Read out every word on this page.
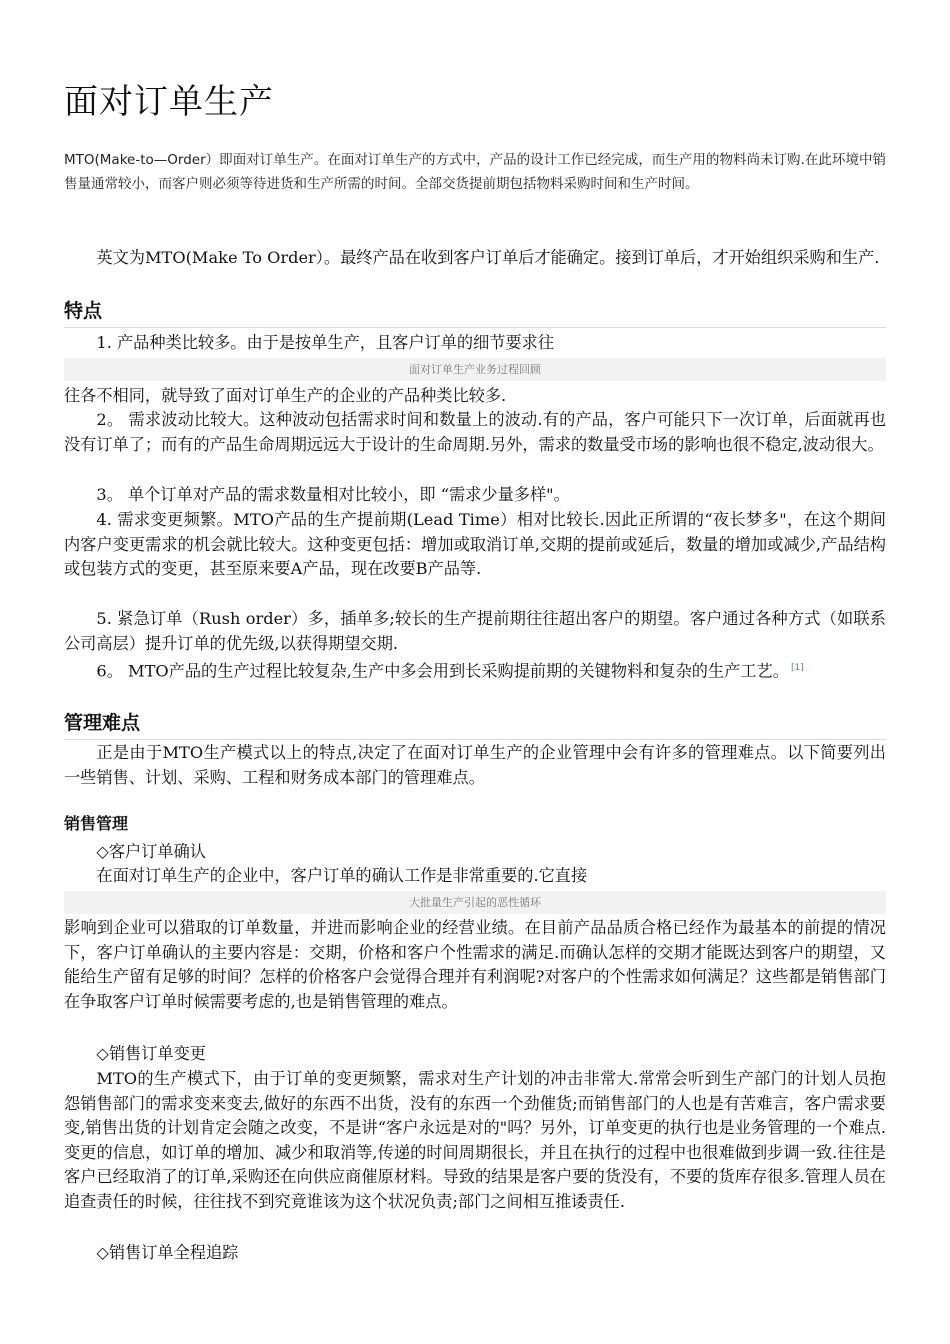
面对订单生产

MTO(Make-to—Order）即面对订单生产。在面对订单生产的方式中，产品的设计工作已经完成，而生产用的物料尚未订购.在此环境中销售量通常较小，而客户则必须等待进货和生产所需的时间。全部交货提前期包括物料采购时间和生产时间。

英文为MTO(Make To Order）。最终产品在收到客户订单后才能确定。接到订单后，才开始组织采购和生产.

特点

1. 产品种类比较多。由于是按单生产，且客户订单的细节要求往

面对订单生产业务过程回顾

往各不相同，就导致了面对订单生产的企业的产品种类比较多.

2。 需求波动比较大。这种波动包括需求时间和数量上的波动.有的产品，客户可能只下一次订单，后面就再也没有订单了；而有的产品生命周期远远大于设计的生命周期.另外，需求的数量受市场的影响也很不稳定,波动很大。

3。 单个订单对产品的需求数量相对比较小，即 “需求少量多样"。

4. 需求变更频繁。MTO产品的生产提前期(Lead Time）相对比较长.因此正所谓的“夜长梦多"，在这个期间内客户变更需求的机会就比较大。这种变更包括：增加或取消订单,交期的提前或延后，数量的增加或减少,产品结构或包装方式的变更，甚至原来要A产品，现在改要B产品等.

5. 紧急订单（Rush order）多，插单多;较长的生产提前期往往超出客户的期望。客户通过各种方式（如联系公司高层）提升订单的优先级,以获得期望交期.

6。 MTO产品的生产过程比较复杂,生产中多会用到长采购提前期的关键物料和复杂的生产工艺。 [1]

管理难点

正是由于MTO生产模式以上的特点,决定了在面对订单生产的企业管理中会有许多的管理难点。以下简要列出一些销售、计划、采购、工程和财务成本部门的管理难点。

销售管理

◇客户订单确认

在面对订单生产的企业中，客户订单的确认工作是非常重要的.它直接

大批量生产引起的恶性循环

影响到企业可以猎取的订单数量，并进而影响企业的经营业绩。在目前产品品质合格已经作为最基本的前提的情况下，客户订单确认的主要内容是：交期，价格和客户个性需求的满足.而确认怎样的交期才能既达到客户的期望，又能给生产留有足够的时间？怎样的价格客户会觉得合理并有利润呢?对客户的个性需求如何满足？这些都是销售部门在争取客户订单时候需要考虑的,也是销售管理的难点。

◇销售订单变更

MTO的生产模式下，由于订单的变更频繁，需求对生产计划的冲击非常大.常常会听到生产部门的计划人员抱怨销售部门的需求变来变去,做好的东西不出货，没有的东西一个劲催货;而销售部门的人也是有苦难言，客户需求要变,销售出货的计划肯定会随之改变，不是讲“客户永远是对的"吗？另外，订单变更的执行也是业务管理的一个难点.变更的信息，如订单的增加、减少和取消等,传递的时间周期很长，并且在执行的过程中也很难做到步调一致.往往是客户已经取消了的订单,采购还在向供应商催原材料。导致的结果是客户要的货没有，不要的货库存很多.管理人员在追查责任的时候，往往找不到究竟谁该为这个状况负责;部门之间相互推诿责任.

◇销售订单全程追踪
